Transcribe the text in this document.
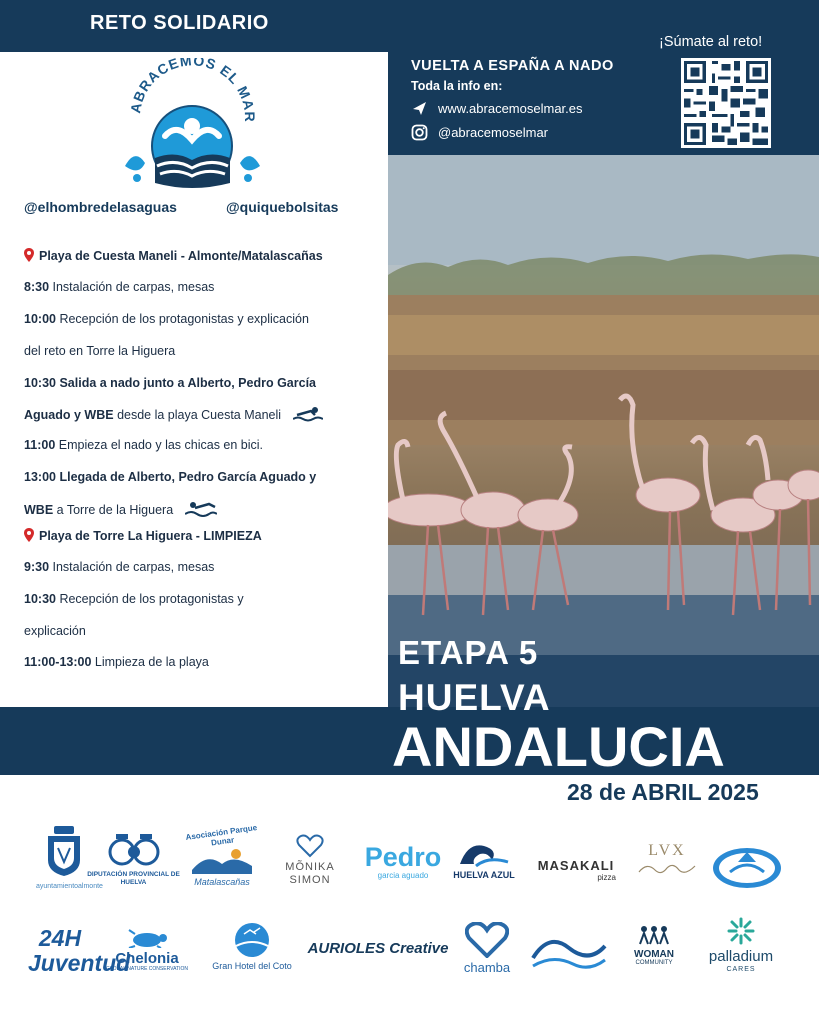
RETO SOLIDARIO
ABRACEMOS EL MAR
@elhombredelasaguas	@quiquebolsitas
Playa de Cuesta Maneli - Almonte/Matalascañas
8:30 Instalación de carpas, mesas
10:00 Recepción de los protagonistas y explicación
del reto en Torre la Higuera
10:30 Salida a nado junto a Alberto, Pedro García
Aguado y WBE desde la playa Cuesta Maneli
11:00 Empieza el nado y las chicas en bici.
13:00 Llegada de Alberto, Pedro García Aguado y
WBE a Torre de la Higuera
Playa de Torre La Higuera - LIMPIEZA
9:30 Instalación de carpas, mesas
10:30 Recepción de los protagonistas y
explicación
11:00-13:00 Limpieza de la playa
VUELTA A ESPAÑA A NADO
Toda la info en:
www.abracemoselmar.es
@abracemoselmar
¡Súmate al reto!
ETAPA 5
HUELVA
ANDALUCIA
28 de ABRIL 2025
ayuntamientoalmonte
DIPUTACIÓN PROVINCIAL DE HUELVA
Asociación Parque Dunar
Matalascañas
MÕNIKA SIMON
Pedro
garcia aguado	HUELVA AZUL
MASAKALI
pizza
LVX
24H Juventud
Chelonia
GLOBAL NATURE CONSERVATION	Gran Hotel del Coto
AURIOLES Creative
chamba
WOMAN
COMMUNITY	palladium
CARES
